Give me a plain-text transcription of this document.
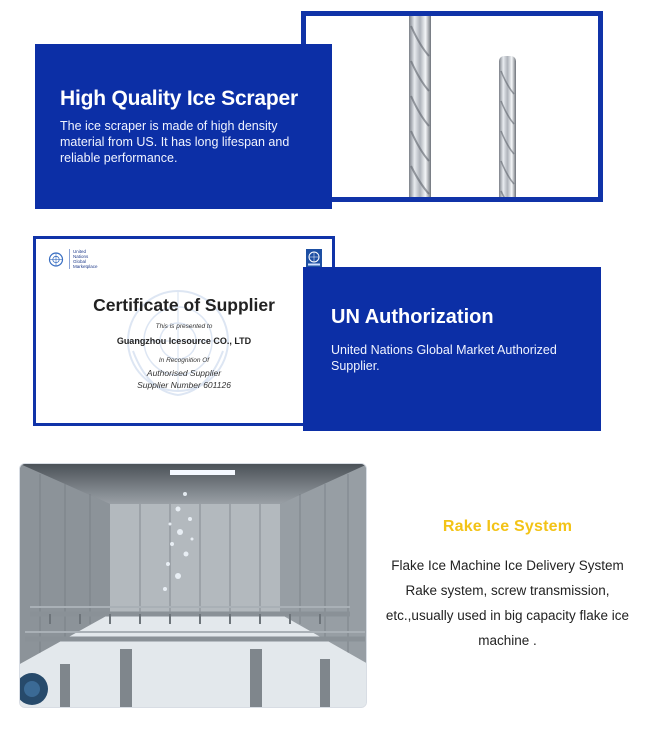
High Quality Ice Scraper
The ice scraper is made of high density material from US. It has long lifespan and reliable performance.
United
Nations
Global
Marketplace
Certificate of Supplier
This is presented to
Guangzhou Icesource CO., LTD
In Recognition Of
Authorised Supplier
Supplier Number 601126
UN Authorization
United Nations Global Market Authorized Supplier.
Rake Ice System
Flake Ice Machine Ice Delivery System Rake system, screw transmission, etc.,usually used in big capacity flake ice machine .
